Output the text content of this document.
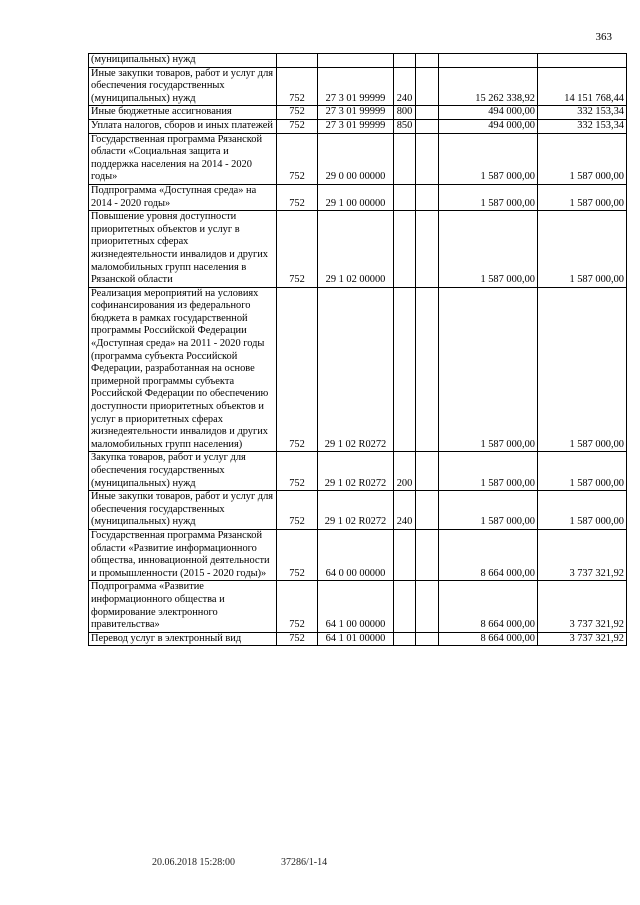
363
(муниципальных) нужд						
Иные закупки товаров, работ и услуг для обеспечения государственных (муниципальных) нужд	752	27 3 01 99999	240		15 262 338,92	14 151 768,44
Иные бюджетные ассигнования	752	27 3 01 99999	800		494 000,00	332 153,34
Уплата налогов, сборов и иных платежей	752	27 3 01 99999	850		494 000,00	332 153,34
Государственная программа Рязанской области «Социальная защита и поддержка населения на 2014 - 2020 годы»	752	29 0 00 00000			1 587 000,00	1 587 000,00
Подпрограмма «Доступная среда» на 2014 - 2020 годы»	752	29 1 00 00000			1 587 000,00	1 587 000,00
Повышение уровня доступности приоритетных объектов и услуг в приоритетных сферах жизнедеятельности инвалидов и других маломобильных групп населения в Рязанской области	752	29 1 02 00000			1 587 000,00	1 587 000,00
Реализация мероприятий на условиях софинансирования из федерального бюджета в рамках государственной программы Российской Федерации «Доступная среда» на 2011 - 2020 годы (программа субъекта Российской Федерации, разработанная на основе примерной программы субъекта Российской Федерации по обеспечению доступности приоритетных объектов и услуг в приоритетных сферах жизнедеятельности инвалидов и других маломобильных групп населения)	752	29 1 02 R0272			1 587 000,00	1 587 000,00
Закупка товаров, работ и услуг для обеспечения государственных (муниципальных) нужд	752	29 1 02 R0272	200		1 587 000,00	1 587 000,00
Иные закупки товаров, работ и услуг для обеспечения государственных (муниципальных) нужд	752	29 1 02 R0272	240		1 587 000,00	1 587 000,00
Государственная программа Рязанской области «Развитие информационного общества, инновационной деятельности и промышленности (2015 - 2020 годы)»	752	64 0 00 00000			8 664 000,00	3 737 321,92
Подпрограмма «Развитие информационного общества и формирование электронного правительства»	752	64 1 00 00000			8 664 000,00	3 737 321,92
Перевод услуг в электронный вид	752	64 1 01 00000			8 664 000,00	3 737 321,92
20.06.2018 15:28:00	37286/1-14
